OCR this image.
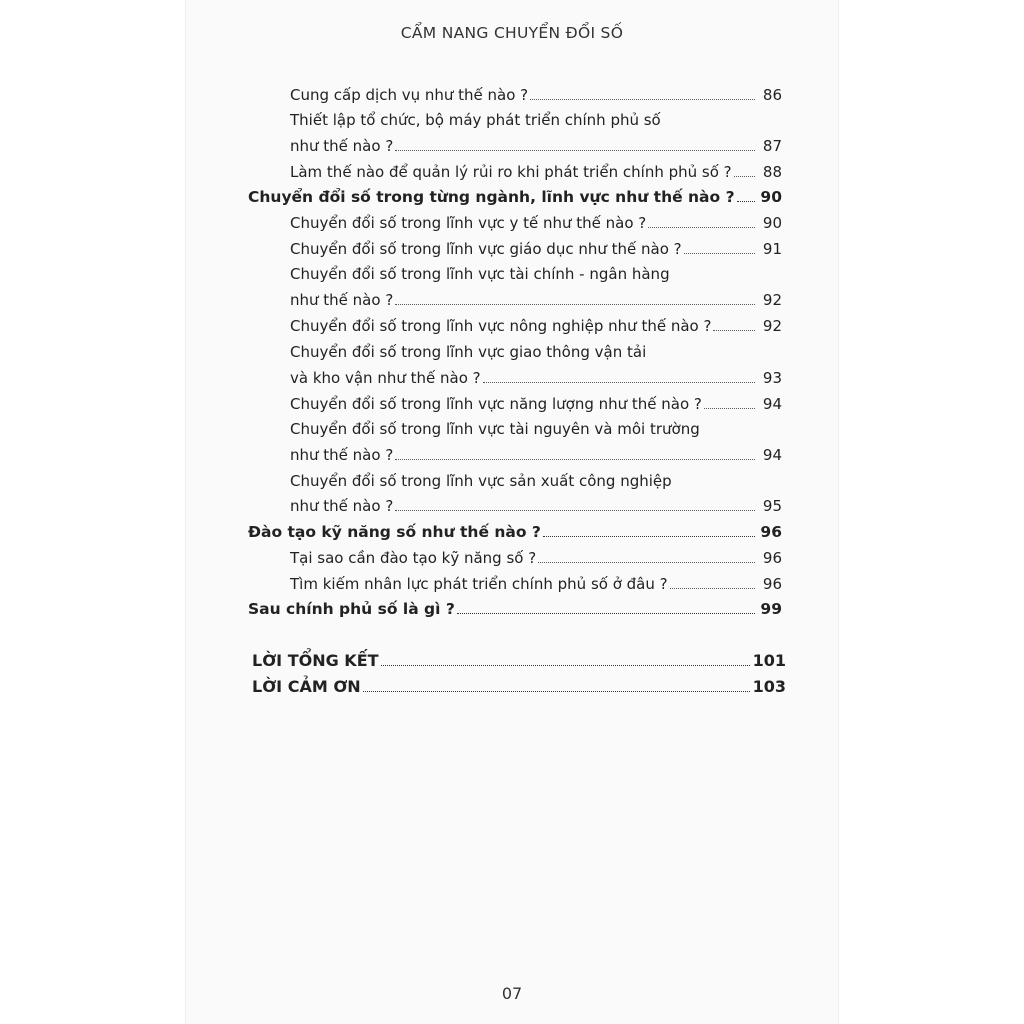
CẨM NANG CHUYỂN ĐỔI SỐ
Cung cấp dịch vụ như thế nào ?	86
Thiết lập tổ chức, bộ máy phát triển chính phủ số
như thế nào ?	87
Làm thế nào để quản lý rủi ro khi phát triển chính phủ số ?	88
Chuyển đổi số trong từng ngành, lĩnh vực như thế nào ? 90
Chuyển đổi số trong lĩnh vực y tế như thế nào ?	90
Chuyển đổi số trong lĩnh vực giáo dục như thế nào ?	91
Chuyển đổi số trong lĩnh vực tài chính - ngân hàng
như thế nào ?	92
Chuyển đổi số trong lĩnh vực nông nghiệp như thế nào ?	92
Chuyển đổi số trong lĩnh vực giao thông vận tải
và kho vận như thế nào ?	93
Chuyển đổi số trong lĩnh vực năng lượng như thế nào ?	94
Chuyển đổi số trong lĩnh vực tài nguyên và môi trường
như thế nào ?	94
Chuyển đổi số trong lĩnh vực sản xuất công nghiệp
như thế nào ?	95
Đào tạo kỹ năng số như thế nào ?	96
Tại sao cần đào tạo kỹ năng số ?	96
Tìm kiếm nhân lực phát triển chính phủ số ở đâu ?	96
Sau chính phủ số là gì ?	99
LỜI TỔNG KẾT	101
LỜI CẢM ƠN	103
07
